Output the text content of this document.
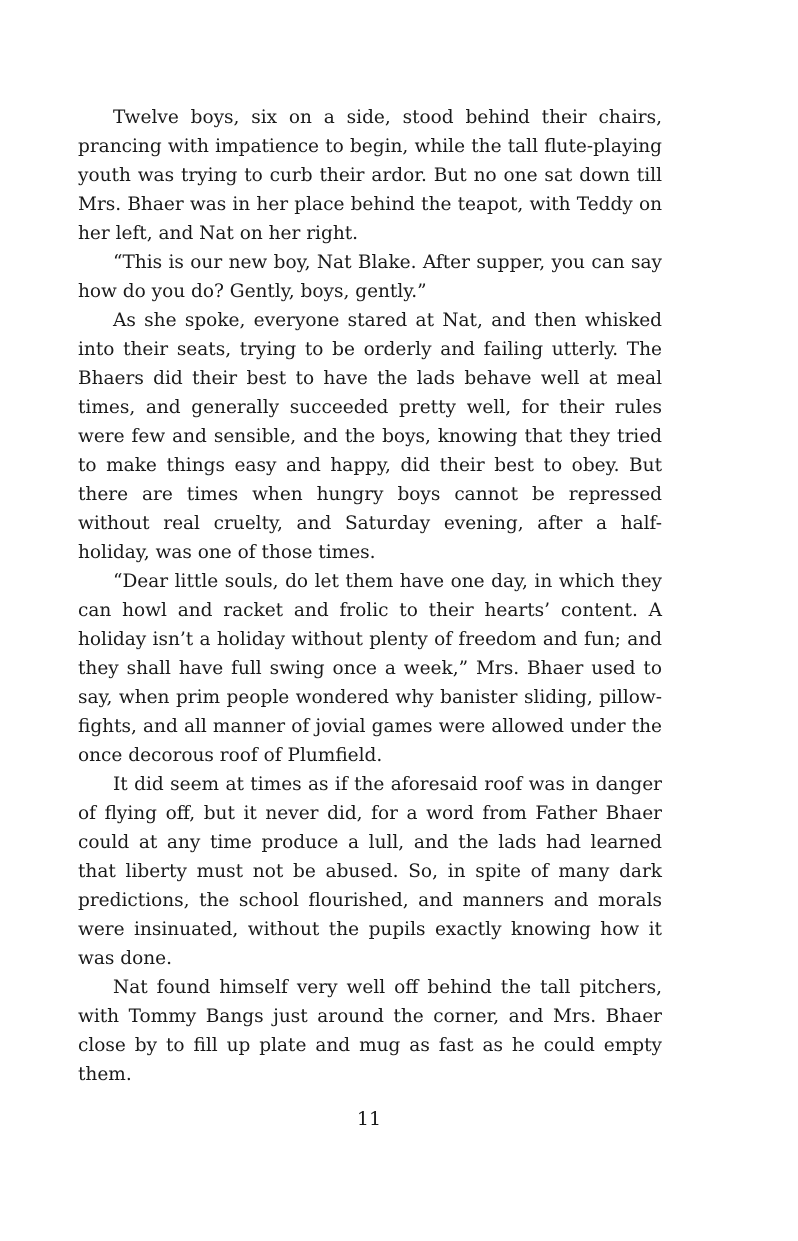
Twelve boys, six on a side, stood behind their chairs, prancing with impatience to begin, while the tall flute-playing youth was trying to curb their ardor. But no one sat down till Mrs. Bhaer was in her place behind the teapot, with Teddy on her left, and Nat on her right.

“This is our new boy, Nat Blake. After supper, you can say how do you do? Gently, boys, gently.”

As she spoke, everyone stared at Nat, and then whisked into their seats, trying to be orderly and failing utterly. The Bhaers did their best to have the lads behave well at meal times, and generally succeeded pretty well, for their rules were few and sensible, and the boys, knowing that they tried to make things easy and happy, did their best to obey. But there are times when hungry boys cannot be repressed without real cruelty, and Saturday evening, after a half-holiday, was one of those times.

“Dear little souls, do let them have one day, in which they can howl and racket and frolic to their hearts’ content. A holiday isn’t a holiday without plenty of freedom and fun; and they shall have full swing once a week,” Mrs. Bhaer used to say, when prim people wondered why banister sliding, pillow-fights, and all manner of jovial games were allowed under the once decorous roof of Plumfield.

It did seem at times as if the aforesaid roof was in danger of flying off, but it never did, for a word from Father Bhaer could at any time produce a lull, and the lads had learned that liberty must not be abused. So, in spite of many dark predictions, the school flourished, and manners and morals were insinuated, without the pupils exactly knowing how it was done.

Nat found himself very well off behind the tall pitchers, with Tommy Bangs just around the corner, and Mrs. Bhaer close by to fill up plate and mug as fast as he could empty them.

11
